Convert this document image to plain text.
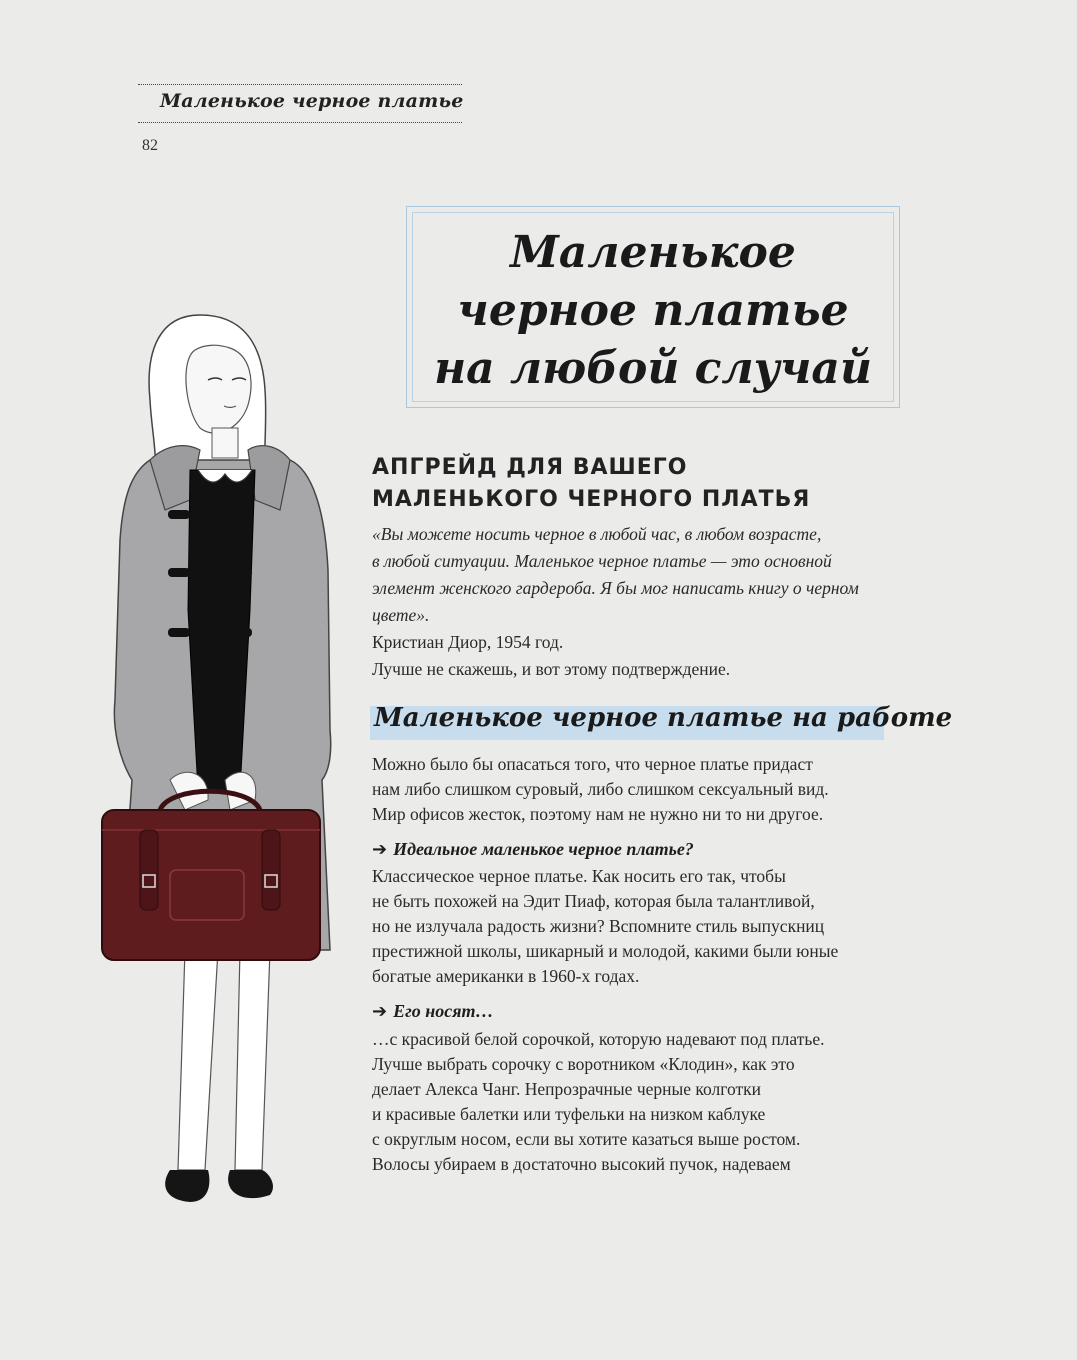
Маленькое черное платье
82
Маленькое
черное платье
на любой случай
АПГРЕЙД ДЛЯ ВАШЕГО
МАЛЕНЬКОГО ЧЕРНОГО ПЛАТЬЯ
«Вы можете носить черное в любой час, в любом возрасте,
в любой ситуации. Маленькое черное платье — это основной
элемент женского гардероба. Я бы мог написать книгу о черном
цвете».
Кристиан Диор, 1954 год.
Лучше не скажешь, и вот этому подтверждение.
Маленькое черное платье на работе
Можно было бы опасаться того, что черное платье придаст
нам либо слишком суровый, либо слишком сексуальный вид.
Мир офисов жесток, поэтому нам не нужно ни то ни другое.
➔ Идеальное маленькое черное платье?
Классическое черное платье. Как носить его так, чтобы
не быть похожей на Эдит Пиаф, которая была талантливой,
но не излучала радость жизни? Вспомните стиль выпускниц
престижной школы, шикарный и молодой, какими были юные
богатые американки в 1960-х годах.
➔ Его носят…
…с красивой белой сорочкой, которую надевают под платье.
Лучше выбрать сорочку с воротником «Клодин», как это
делает Алекса Чанг. Непрозрачные черные колготки
и красивые балетки или туфельки на низком каблуке
с округлым носом, если вы хотите казаться выше ростом.
Волосы убираем в достаточно высокий пучок, надеваем
